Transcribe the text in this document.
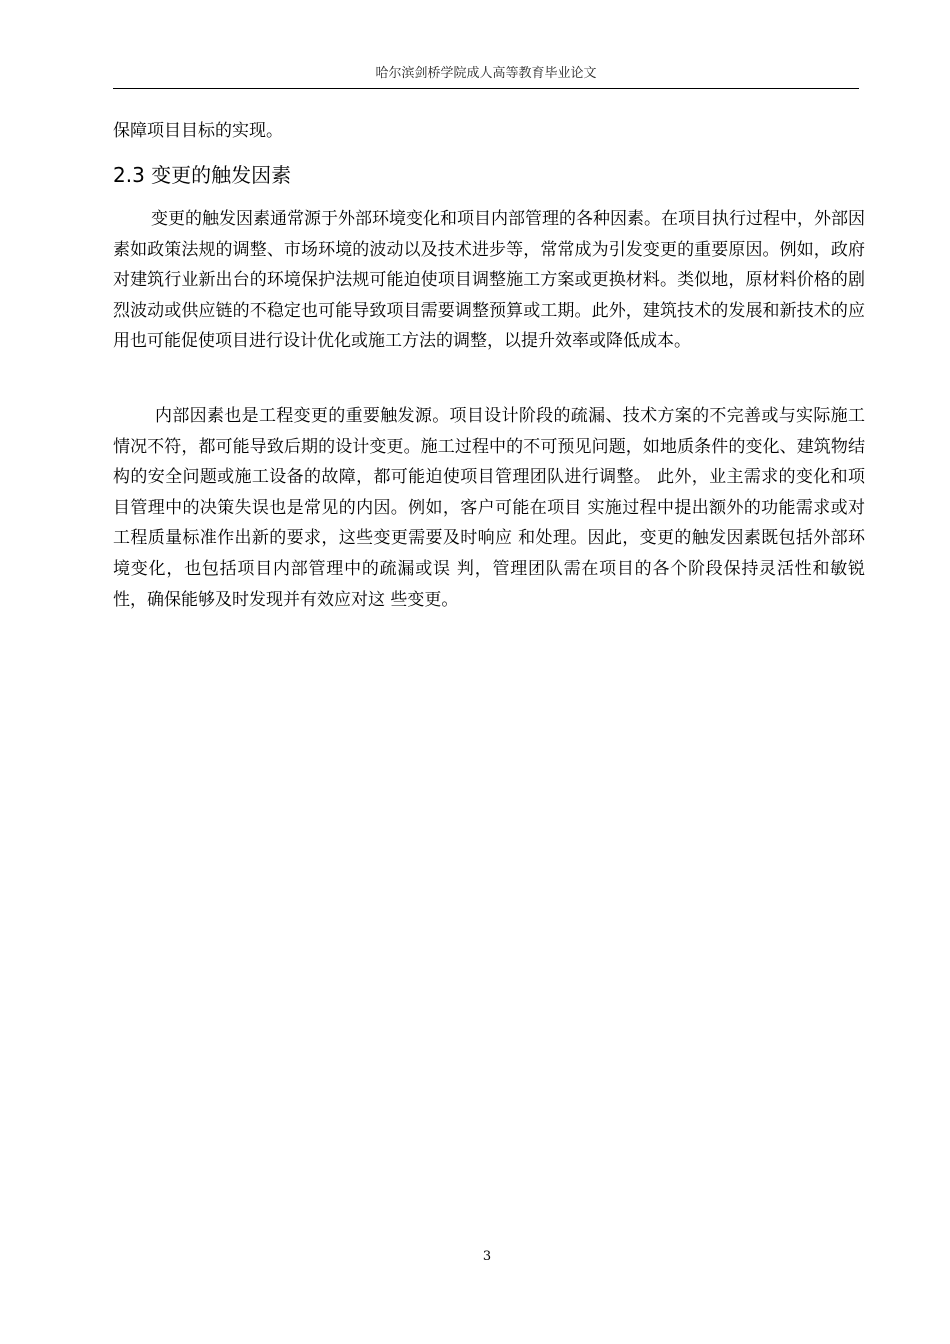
哈尔滨剑桥学院成人高等教育毕业论文

保障项目目标的实现。

2.3 变更的触发因素

变更的触发因素通常源于外部环境变化和项目内部管理的各种因素。在项目执行过程中，外部因素如政策法规的调整、市场环境的波动以及技术进步等，常常成为引发变更的重要原因。例如，政府对建筑行业新出台的环境保护法规可能迫使项目调整施工方案或更换材料。类似地，原材料价格的剧烈波动或供应链的不稳定也可能导致项目需要调整预算或工期。此外，建筑技术的发展和新技术的应用也可能促使项目进行设计优化或施工方法的调整，以提升效率或降低成本。

内部因素也是工程变更的重要触发源。项目设计阶段的疏漏、技术方案的不完善或与实际施工情况不符，都可能导致后期的设计变更。施工过程中的不可预见问题，如地质条件的变化、建筑物结构的安全问题或施工设备的故障，都可能迫使项目管理团队进行调整。 此外，业主需求的变化和项目管理中的决策失误也是常见的内因。例如，客户可能在项目 实施过程中提出额外的功能需求或对工程质量标准作出新的要求，这些变更需要及时响应 和处理。因此，变更的触发因素既包括外部环境变化，也包括项目内部管理中的疏漏或误 判，管理团队需在项目的各个阶段保持灵活性和敏锐性，确保能够及时发现并有效应对这 些变更。

3
